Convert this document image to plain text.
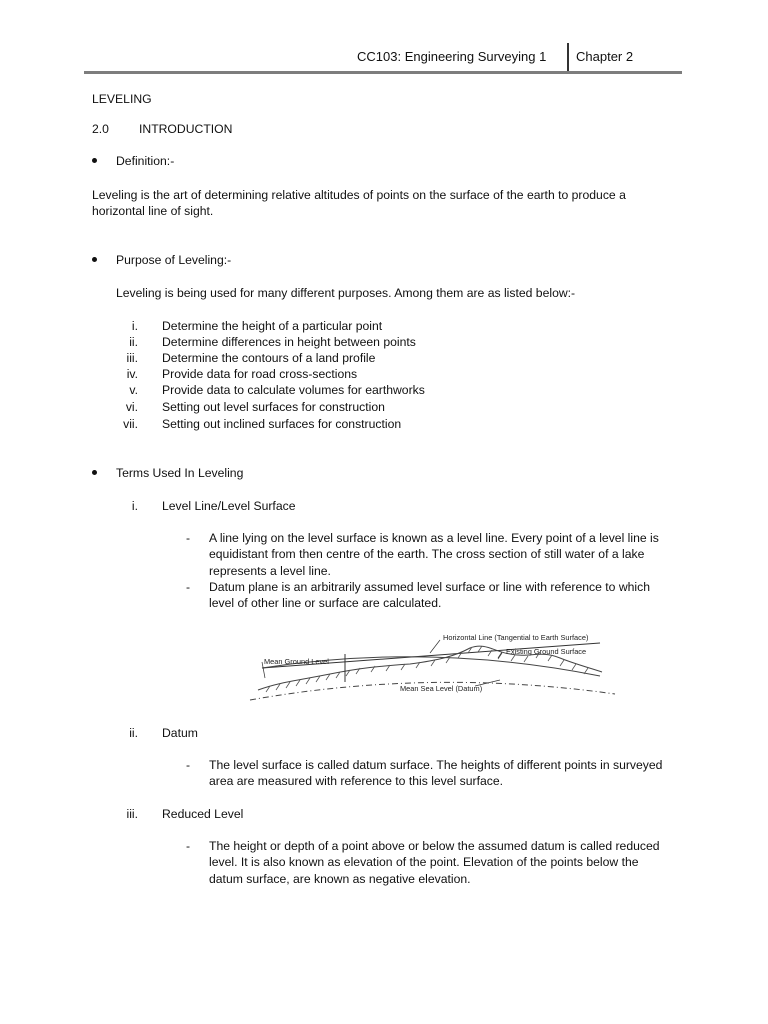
CC103: Engineering Surveying 1 Chapter 2
LEVELING
2.0 INTRODUCTION
Definition:-
Leveling is the art of determining relative altitudes of points on the surface of the earth to produce a horizontal line of sight.
Purpose of Leveling:-
Leveling is being used for many different purposes. Among them are as listed below:-
i. Determine the height of a particular point
ii. Determine differences in height between points
iii. Determine the contours of a land profile
iv. Provide data for road cross-sections
v. Provide data to calculate volumes for earthworks
vi. Setting out level surfaces for construction
vii. Setting out inclined surfaces for construction
Terms Used In Leveling
i. Level Line/Level Surface
- A line lying on the level surface is known as a level line. Every point of a level line is equidistant from then centre of the earth. The cross section of still water of a lake represents a level line.
- Datum plane is an arbitrarily assumed level surface or line with reference to which level of other line or surface are calculated.
Horizontal Line (Tangential to Earth Surface)
Existing Ground Surface
Mean Ground Level
Mean Sea Level (Datum)
ii. Datum
- The level surface is called datum surface. The heights of different points in surveyed area are measured with reference to this level surface.
iii. Reduced Level
- The height or depth of a point above or below the assumed datum is called reduced level. It is also known as elevation of the point. Elevation of the points below the datum surface, are known as negative elevation.
